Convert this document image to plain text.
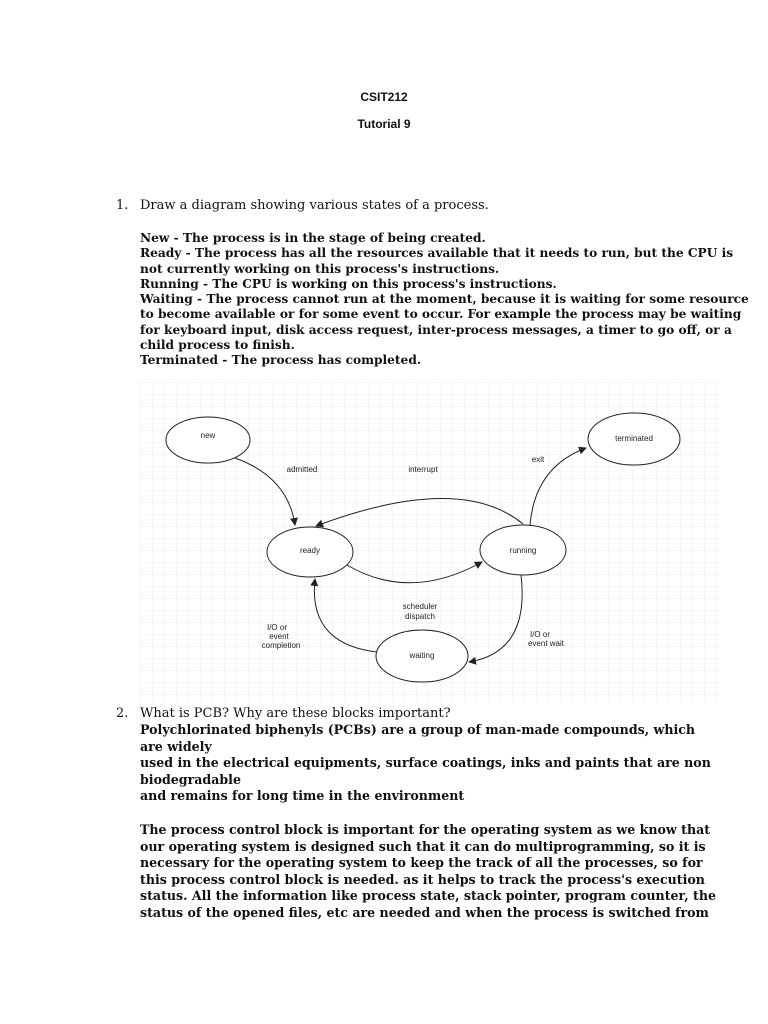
CSIT212
Tutorial 9
1. Draw a diagram showing various states of a process.
New - The process is in the stage of being created.
Ready - The process has all the resources available that it needs to run, but the CPU is
not currently working on this process's instructions.
Running - The CPU is working on this process's instructions.
Waiting - The process cannot run at the moment, because it is waiting for some resource
to become available or for some event to occur. For example the process may be waiting
for keyboard input, disk access request, inter-process messages, a timer to go off, or a
child process to finish.
Terminated - The process has completed.
new
ready	running
waiting
terminated
admitted	interrupt
exit
scheduler
dispatch
I/O or
event wait
I/O or
event
completion
2. What is PCB? Why are these blocks important?
Polychlorinated biphenyls (PCBs) are a group of man-made compounds, which
are widely
used in the electrical equipments, surface coatings, inks and paints that are non
biodegradable
and remains for long time in the environment
The process control block is important for the operating system as we know that
our operating system is designed such that it can do multiprogramming, so it is
necessary for the operating system to keep the track of all the processes, so for
this process control block is needed. as it helps to track the process's execution
status. All the information like process state, stack pointer, program counter, the
status of the opened files, etc are needed and when the process is switched from
